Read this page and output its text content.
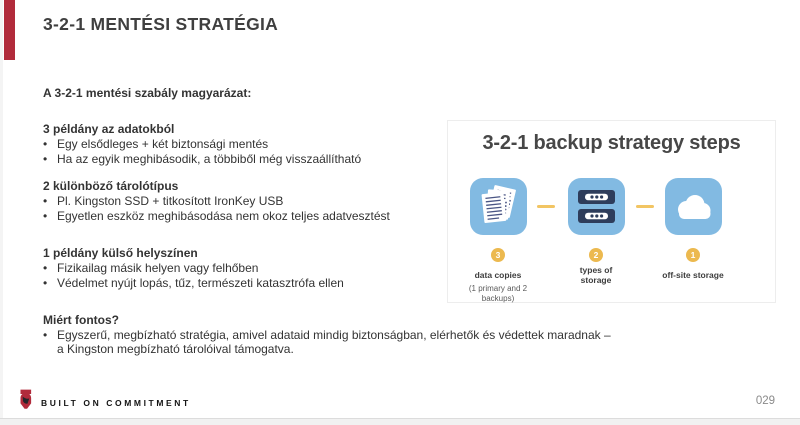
3-2-1 MENTÉSI STRATÉGIA

A 3-2-1 mentési szabály magyarázat:

3 példány az adatokból
• Egy elsődleges + két biztonsági mentés
• Ha az egyik meghibásodik, a többiből még visszaállítható
2 különböző tárolótípus
• Pl. Kingston SSD + titkosított IronKey USB
• Egyetlen eszköz meghibásodása nem okoz teljes adatvesztést
1 példány külső helyszínen
• Fizikailag másik helyen vagy felhőben
• Védelmet nyújt lopás, tűz, természeti katasztrófa ellen
Miért fontos?
• Egyszerű, megbízható stratégia, amivel adataid mindig biztonságban, elérhetők és védettek maradnak – a Kingston megbízható tárolóival támogatva.
3-2-1 backup strategy steps
3
data copies
(1 primary and 2 backups)
2
types of storage
1
off-site storage
BUILT ON COMMITMENT	029
